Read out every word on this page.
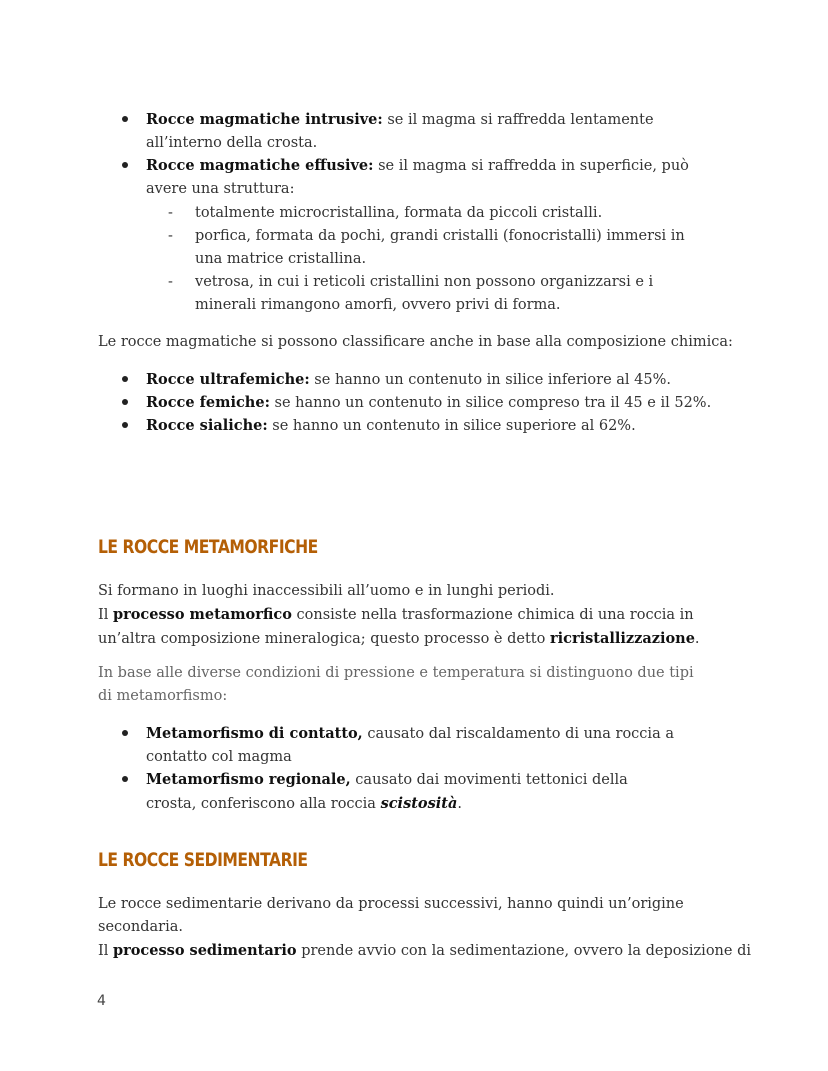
Rocce magmatiche intrusive: se il magma si raffredda lentamente all’interno della crosta.
Rocce magmatiche effusive: se il magma si raffredda in superficie, può avere una struttura:
- totalmente microcristallina, formata da piccoli cristalli.
- porfica, formata da pochi, grandi cristalli (fonocristalli) immersi in una matrice cristallina.
- vetrosa, in cui i reticoli cristallini non possono organizzarsi e i minerali rimangono amorfi, ovvero privi di forma.
Le rocce magmatiche si possono classificare anche in base alla composizione chimica:
Rocce ultrafemiche: se hanno un contenuto in silice inferiore al 45%.
Rocce femiche: se hanno un contenuto in silice compreso tra il 45 e il 52%.
Rocce sialiche: se hanno un contenuto in silice superiore al 62%.
LE ROCCE METAMORFICHE
Si formano in luoghi inaccessibili all’uomo e in lunghi periodi.
Il processo metamorfico consiste nella trasformazione chimica di una roccia in un’altra composizione mineralogica; questo processo è detto ricristallizzazione.
In base alle diverse condizioni di pressione e temperatura si distinguono due tipi di metamorfismo:
Metamorfismo di contatto, causato dal riscaldamento di una roccia a contatto col magma
Metamorfismo regionale, causato dai movimenti tettonici della crosta, conferiscono alla roccia scistosità.
LE ROCCE SEDIMENTARIE
Le rocce sedimentarie derivano da processi successivi, hanno quindi un’origine secondaria.
Il processo sedimentario prende avvio con la sedimentazione, ovvero la deposizione di
4
